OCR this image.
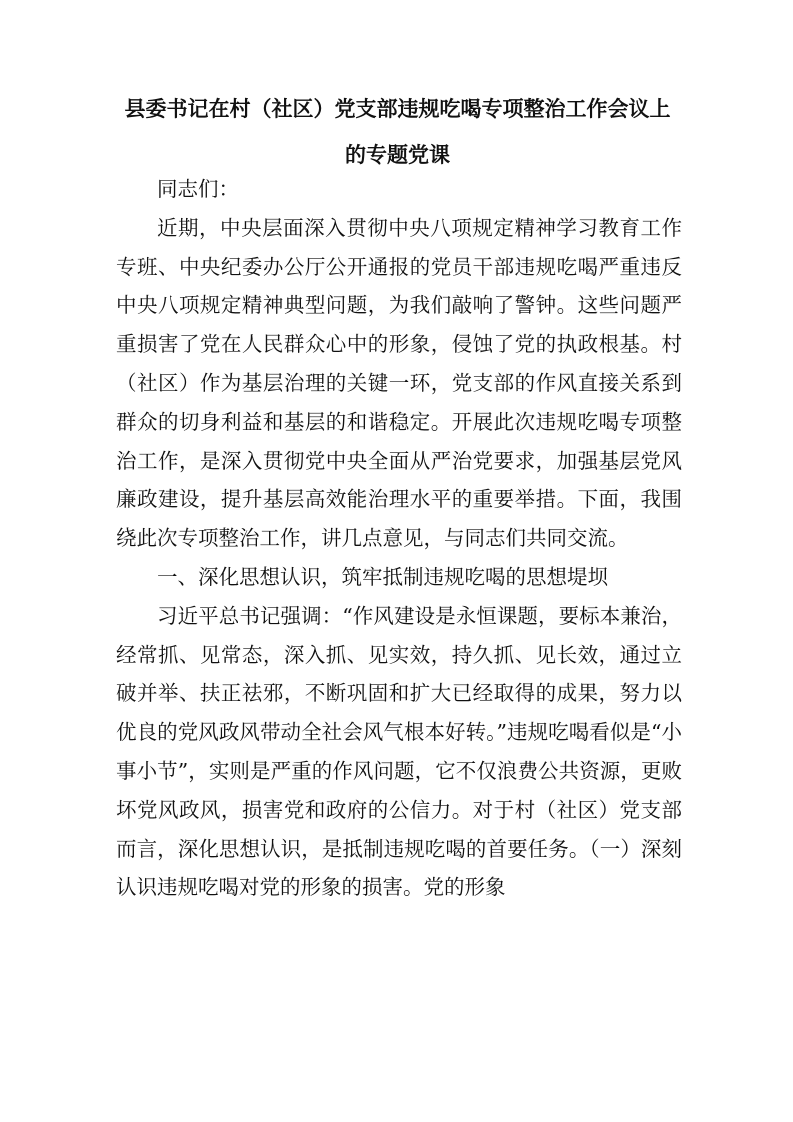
县委书记在村（社区）党支部违规吃喝专项整治工作会议上
的专题党课

同志们：

近期，中央层面深入贯彻中央八项规定精神学习教育工作专班、中央纪委办公厅公开通报的党员干部违规吃喝严重违反中央八项规定精神典型问题，为我们敲响了警钟。这些问题严重损害了党在人民群众心中的形象，侵蚀了党的执政根基。村（社区）作为基层治理的关键一环，党支部的作风直接关系到群众的切身利益和基层的和谐稳定。开展此次违规吃喝专项整治工作，是深入贯彻党中央全面从严治党要求，加强基层党风廉政建设，提升基层高效能治理水平的重要举措。下面，我围绕此次专项整治工作，讲几点意见，与同志们共同交流。

一、深化思想认识，筑牢抵制违规吃喝的思想堤坝

习近平总书记强调：“作风建设是永恒课题，要标本兼治，经常抓、见常态，深入抓、见实效，持久抓、见长效，通过立破并举、扶正祛邪，不断巩固和扩大已经取得的成果，努力以优良的党风政风带动全社会风气根本好转。”违规吃喝看似是“小事小节”，实则是严重的作风问题，它不仅浪费公共资源，更败坏党风政风，损害党和政府的公信力。对于村（社区）党支部而言，深化思想认识，是抵制违规吃喝的首要任务。（一）深刻认识违规吃喝对党的形象的损害。党的形象
